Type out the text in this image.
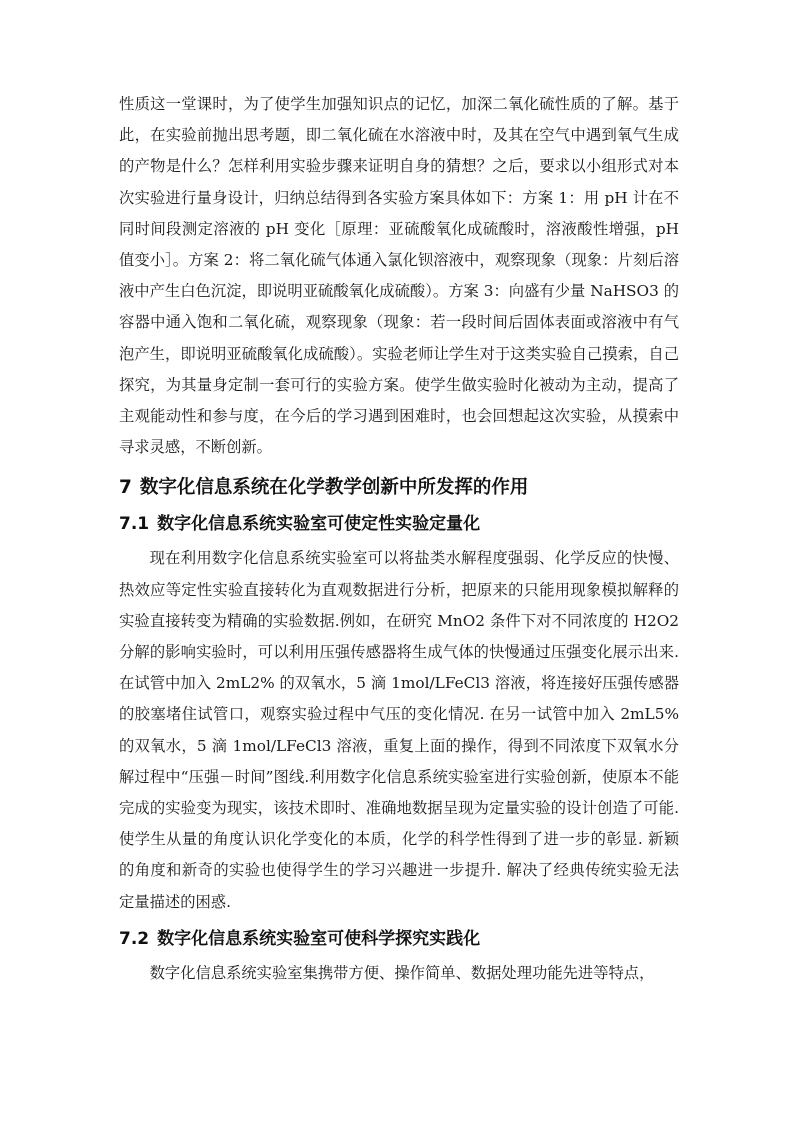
性质这一堂课时，为了使学生加强知识点的记忆，加深二氧化硫性质的了解。基于此，在实验前抛出思考题，即二氧化硫在水溶液中时，及其在空气中遇到氧气生成的产物是什么？怎样利用实验步骤来证明自身的猜想？之后，要求以小组形式对本次实验进行量身设计，归纳总结得到各实验方案具体如下：方案 1：用 pH 计在不同时间段测定溶液的 pH 变化［原理：亚硫酸氧化成硫酸时，溶液酸性增强，pH 值变小］。方案 2：将二氧化硫气体通入氯化钡溶液中，观察现象（现象：片刻后溶液中产生白色沉淀，即说明亚硫酸氧化成硫酸）。方案 3：向盛有少量 NaHSO3 的容器中通入饱和二氧化硫，观察现象（现象：若一段时间后固体表面或溶液中有气泡产生，即说明亚硫酸氧化成硫酸）。实验老师让学生对于这类实验自己摸索，自己探究，为其量身定制一套可行的实验方案。使学生做实验时化被动为主动，提高了主观能动性和参与度，在今后的学习遇到困难时，也会回想起这次实验，从摸索中寻求灵感，不断创新。

7 数字化信息系统在化学教学创新中所发挥的作用
7.1 数字化信息系统实验室可使定性实验定量化

现在利用数字化信息系统实验室可以将盐类水解程度强弱、化学反应的快慢、热效应等定性实验直接转化为直观数据进行分析，把原来的只能用现象模拟解释的实验直接转变为精确的实验数据.例如，在研究 MnO2 条件下对不同浓度的 H2O2 分解的影响实验时，可以利用压强传感器将生成气体的快慢通过压强变化展示出来. 在试管中加入 2mL2% 的双氧水，5 滴 1mol/LFeCl3 溶液，将连接好压强传感器的胶塞堵住试管口，观察实验过程中气压的变化情况. 在另一试管中加入 2mL5% 的双氧水，5 滴 1mol/LFeCl3 溶液，重复上面的操作，得到不同浓度下双氧水分解过程中“压强－时间”图线.利用数字化信息系统实验室进行实验创新，使原本不能完成的实验变为现实，该技术即时、准确地数据呈现为定量实验的设计创造了可能. 使学生从量的角度认识化学变化的本质，化学的科学性得到了进一步的彰显. 新颖的角度和新奇的实验也使得学生的学习兴趣进一步提升. 解决了经典传统实验无法定量描述的困惑.

7.2 数字化信息系统实验室可使科学探究实践化

数字化信息系统实验室集携带方便、操作简单、数据处理功能先进等特点，
